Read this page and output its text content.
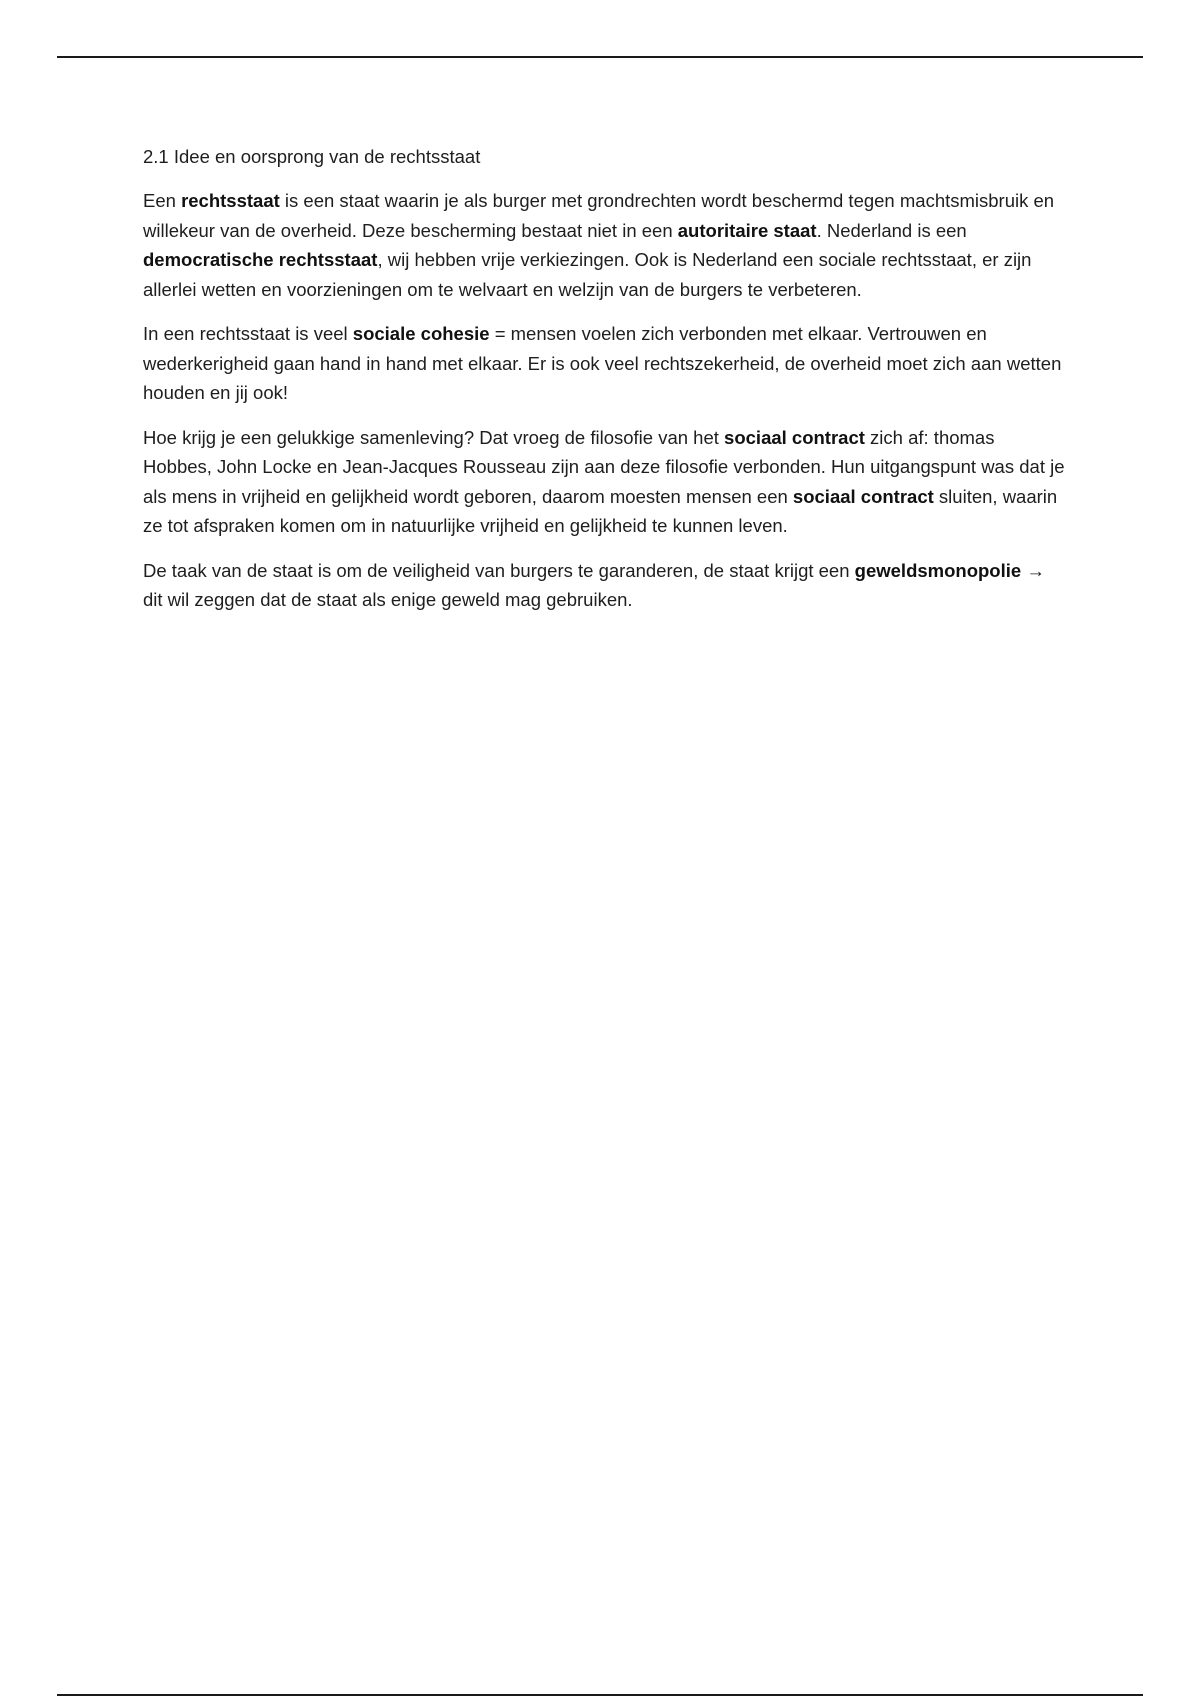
2.1 Idee en oorsprong van de rechtsstaat

Een rechtsstaat is een staat waarin je als burger met grondrechten wordt beschermd tegen machtsmisbruik en willekeur van de overheid. Deze bescherming bestaat niet in een autoritaire staat. Nederland is een democratische rechtsstaat, wij hebben vrije verkiezingen. Ook is Nederland een sociale rechtsstaat, er zijn allerlei wetten en voorzieningen om te welvaart en welzijn van de burgers te verbeteren.

In een rechtsstaat is veel sociale cohesie = mensen voelen zich verbonden met elkaar. Vertrouwen en wederkerigheid gaan hand in hand met elkaar. Er is ook veel rechtszekerheid, de overheid moet zich aan wetten houden en jij ook!

Hoe krijg je een gelukkige samenleving? Dat vroeg de filosofie van het sociaal contract zich af: thomas Hobbes, John Locke en Jean-Jacques Rousseau zijn aan deze filosofie verbonden. Hun uitgangspunt was dat je als mens in vrijheid en gelijkheid wordt geboren, daarom moesten mensen een sociaal contract sluiten, waarin ze tot afspraken komen om in natuurlijke vrijheid en gelijkheid te kunnen leven.

De taak van de staat is om de veiligheid van burgers te garanderen, de staat krijgt een geweldsmonopolie → dit wil zeggen dat de staat als enige geweld mag gebruiken.
